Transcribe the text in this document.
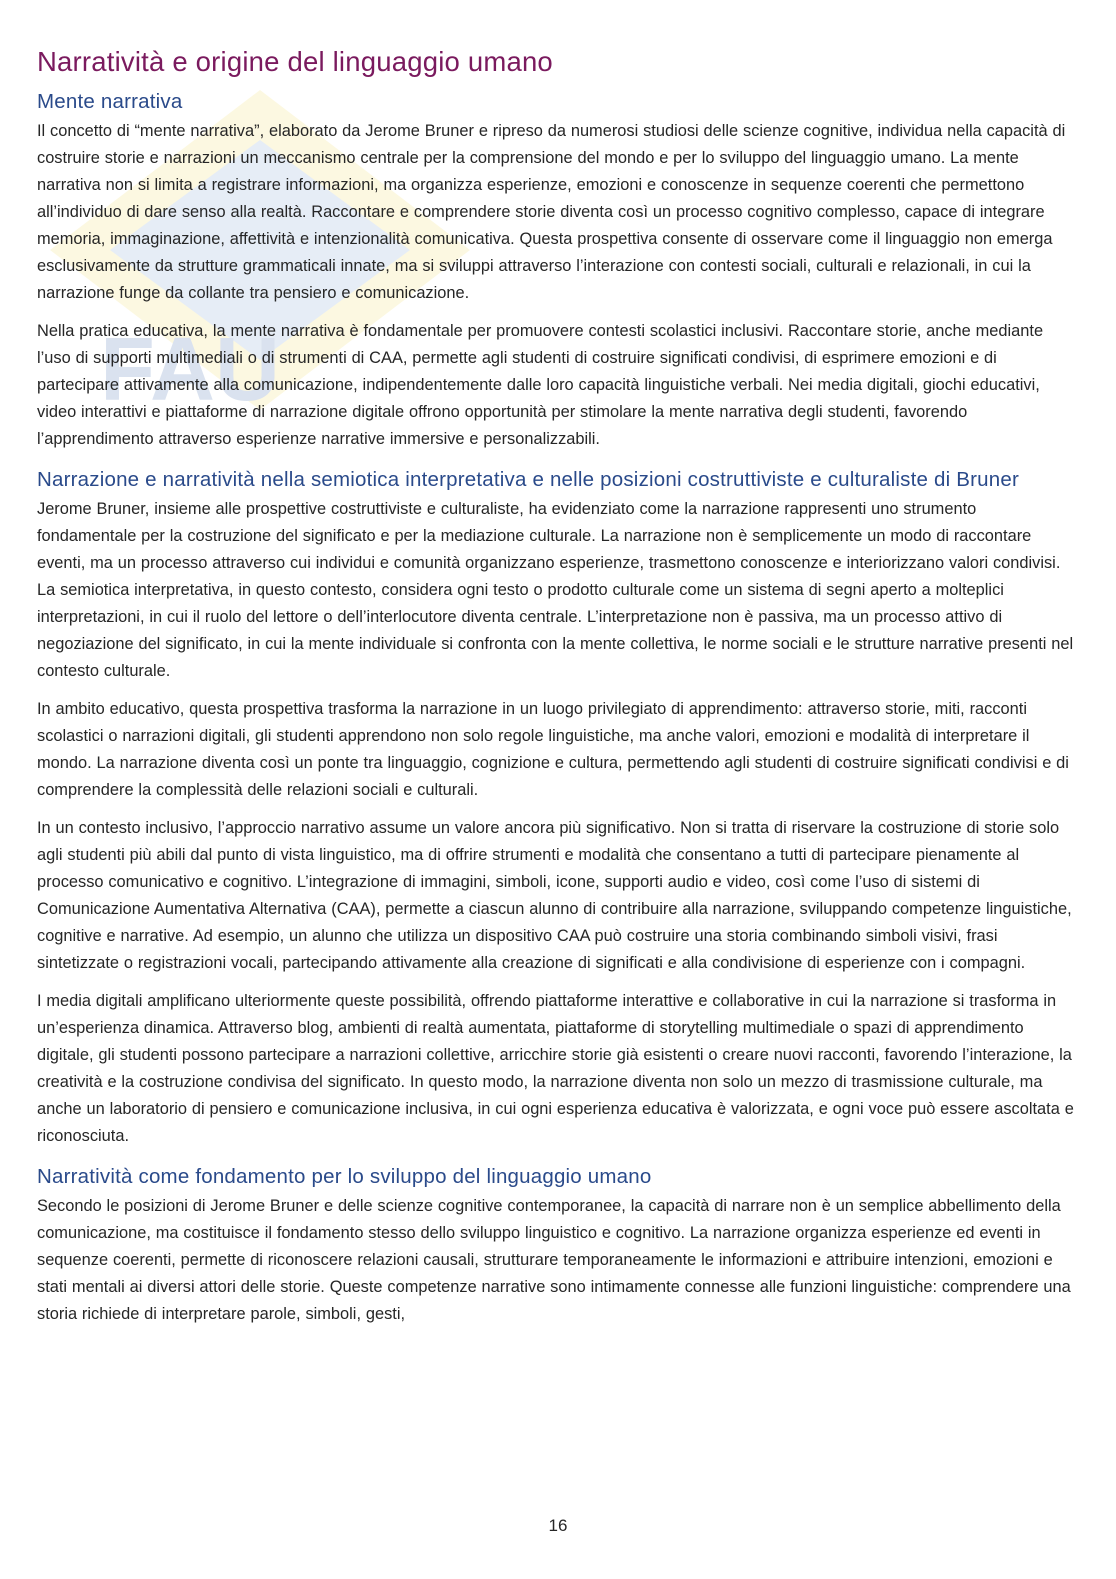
FAU
Narratività e origine del linguaggio umano
Mente narrativa

Il concetto di “mente narrativa”, elaborato da Jerome Bruner e ripreso da numerosi studiosi delle scienze cognitive, individua nella capacità di costruire storie e narrazioni un meccanismo centrale per la comprensione del mondo e per lo sviluppo del linguaggio umano. La mente narrativa non si limita a registrare informazioni, ma organizza esperienze, emozioni e conoscenze in sequenze coerenti che permettono all’individuo di dare senso alla realtà. Raccontare e comprendere storie diventa così un processo cognitivo complesso, capace di integrare memoria, immaginazione, affettività e intenzionalità comunicativa. Questa prospettiva consente di osservare come il linguaggio non emerga esclusivamente da strutture grammaticali innate, ma si sviluppi attraverso l’interazione con contesti sociali, culturali e relazionali, in cui la narrazione funge da collante tra pensiero e comunicazione.

Nella pratica educativa, la mente narrativa è fondamentale per promuovere contesti scolastici inclusivi. Raccontare storie, anche mediante l’uso di supporti multimediali o di strumenti di CAA, permette agli studenti di costruire significati condivisi, di esprimere emozioni e di partecipare attivamente alla comunicazione, indipendentemente dalle loro capacità linguistiche verbali. Nei media digitali, giochi educativi, video interattivi e piattaforme di narrazione digitale offrono opportunità per stimolare la mente narrativa degli studenti, favorendo l’apprendimento attraverso esperienze narrative immersive e personalizzabili.

Narrazione e narratività nella semiotica interpretativa e nelle posizioni costruttiviste e culturaliste di Bruner

Jerome Bruner, insieme alle prospettive costruttiviste e culturaliste, ha evidenziato come la narrazione rappresenti uno strumento fondamentale per la costruzione del significato e per la mediazione culturale. La narrazione non è semplicemente un modo di raccontare eventi, ma un processo attraverso cui individui e comunità organizzano esperienze, trasmettono conoscenze e interiorizzano valori condivisi. La semiotica interpretativa, in questo contesto, considera ogni testo o prodotto culturale come un sistema di segni aperto a molteplici interpretazioni, in cui il ruolo del lettore o dell’interlocutore diventa centrale. L’interpretazione non è passiva, ma un processo attivo di negoziazione del significato, in cui la mente individuale si confronta con la mente collettiva, le norme sociali e le strutture narrative presenti nel contesto culturale.

In ambito educativo, questa prospettiva trasforma la narrazione in un luogo privilegiato di apprendimento: attraverso storie, miti, racconti scolastici o narrazioni digitali, gli studenti apprendono non solo regole linguistiche, ma anche valori, emozioni e modalità di interpretare il mondo. La narrazione diventa così un ponte tra linguaggio, cognizione e cultura, permettendo agli studenti di costruire significati condivisi e di comprendere la complessità delle relazioni sociali e culturali.

In un contesto inclusivo, l’approccio narrativo assume un valore ancora più significativo. Non si tratta di riservare la costruzione di storie solo agli studenti più abili dal punto di vista linguistico, ma di offrire strumenti e modalità che consentano a tutti di partecipare pienamente al processo comunicativo e cognitivo. L’integrazione di immagini, simboli, icone, supporti audio e video, così come l’uso di sistemi di Comunicazione Aumentativa Alternativa (CAA), permette a ciascun alunno di contribuire alla narrazione, sviluppando competenze linguistiche, cognitive e narrative. Ad esempio, un alunno che utilizza un dispositivo CAA può costruire una storia combinando simboli visivi, frasi sintetizzate o registrazioni vocali, partecipando attivamente alla creazione di significati e alla condivisione di esperienze con i compagni.

I media digitali amplificano ulteriormente queste possibilità, offrendo piattaforme interattive e collaborative in cui la narrazione si trasforma in un’esperienza dinamica. Attraverso blog, ambienti di realtà aumentata, piattaforme di storytelling multimediale o spazi di apprendimento digitale, gli studenti possono partecipare a narrazioni collettive, arricchire storie già esistenti o creare nuovi racconti, favorendo l’interazione, la creatività e la costruzione condivisa del significato. In questo modo, la narrazione diventa non solo un mezzo di trasmissione culturale, ma anche un laboratorio di pensiero e comunicazione inclusiva, in cui ogni esperienza educativa è valorizzata, e ogni voce può essere ascoltata e riconosciuta.

Narratività come fondamento per lo sviluppo del linguaggio umano

Secondo le posizioni di Jerome Bruner e delle scienze cognitive contemporanee, la capacità di narrare non è un semplice abbellimento della comunicazione, ma costituisce il fondamento stesso dello sviluppo linguistico e cognitivo. La narrazione organizza esperienze ed eventi in sequenze coerenti, permette di riconoscere relazioni causali, strutturare temporaneamente le informazioni e attribuire intenzioni, emozioni e stati mentali ai diversi attori delle storie. Queste competenze narrative sono intimamente connesse alle funzioni linguistiche: comprendere una storia richiede di interpretare parole, simboli, gesti,

16
